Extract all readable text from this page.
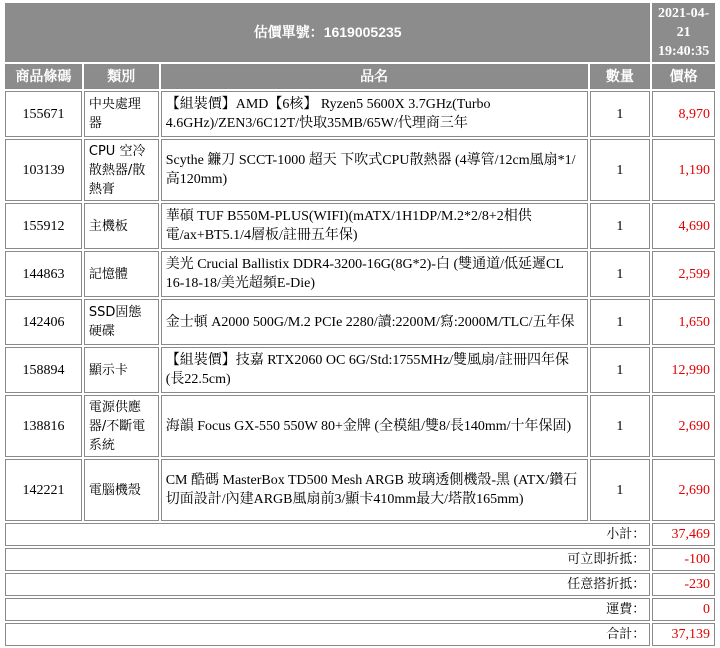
估價單號：1619005235				2021-04-21
19:40:35

商品條碼	類別	品名	數量	價格
155671	中央處理器	【組裝價】AMD【6核】 Ryzen5 5600X 3.7GHz(Turbo 4.6GHz)/ZEN3/6C12T/快取35MB/65W/代理商三年	1	8,970
103139	CPU 空冷散熱器/散熱膏	Scythe 鐮刀 SCCT-1000 超天 下吹式CPU散熱器 (4導管/12cm風扇*1/高120mm)	1	1,190
155912	主機板	華碩 TUF B550M-PLUS(WIFI)(mATX/1H1DP/M.2*2/8+2相供電/ax+BT5.1/4層板/註冊五年保)	1	4,690
144863	記憶體	美光 Crucial Ballistix DDR4-3200-16G(8G*2)-白 (雙通道/低延遲CL 16-18-18/美光超頻E-Die)	1	2,599
142406	SSD固態硬碟	金士頓 A2000 500G/M.2 PCIe 2280/讀:2200M/寫:2000M/TLC/五年保	1	1,650
158894	顯示卡	【組裝價】技嘉 RTX2060 OC 6G/Std:1755MHz/雙風扇/註冊四年保(長22.5cm)	1	12,990
138816	電源供應器/不斷電系統	海韻 Focus GX-550 550W 80+金牌 (全模組/雙8/長140mm/十年保固)	1	2,690
142221	電腦機殼	CM 酷碼 MasterBox TD500 Mesh ARGB 玻璃透側機殼-黑 (ATX/鑽石切面設計/內建ARGB風扇前3/顯卡410mm最大/塔散165mm)	1	2,690
小計：				37,469
可立即折抵：				-100
任意搭折抵：				-230
運費：				0
合計：				37,139
